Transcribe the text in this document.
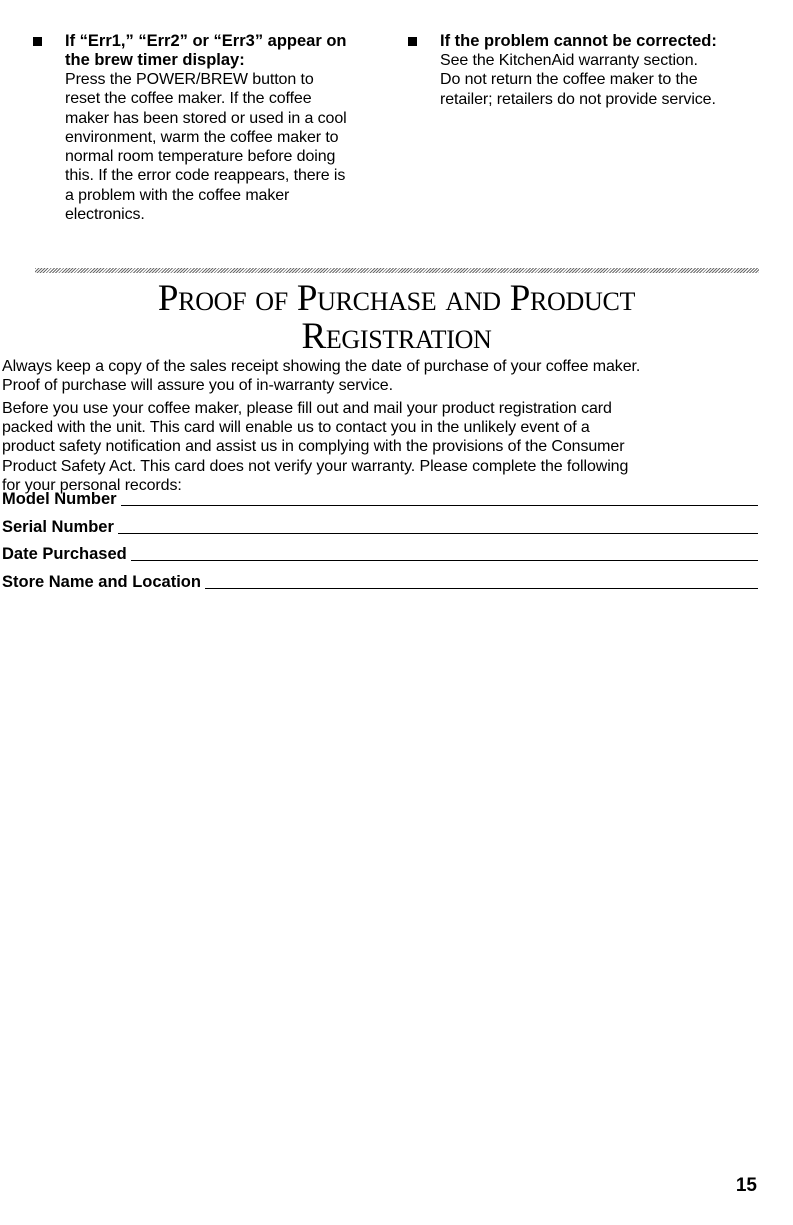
If “Err1,” “Err2” or “Err3” appear on
the brew timer display:

Press the POWER/BREW button to
reset the coffee maker. If the coffee
maker has been stored or used in a cool
environment, warm the coffee maker to
normal room temperature before doing
this. If the error code reappears, there is
a problem with the coffee maker
electronics.

If the problem cannot be corrected:

See the KitchenAid warranty section.
Do not return the coffee maker to the
retailer; retailers do not provide service.

Proof of Purchase and Product
Registration

Always keep a copy of the sales receipt showing the date of purchase of your coffee maker.
Proof of purchase will assure you of in-warranty service.

Before you use your coffee maker, please fill out and mail your product registration card
packed with the unit. This card will enable us to contact you in the unlikely event of a
product safety notification and assist us in complying with the provisions of the Consumer
Product Safety Act. This card does not verify your warranty. Please complete the following
for your personal records:

Model Number
Serial Number
Date Purchased
Store Name and Location
15
